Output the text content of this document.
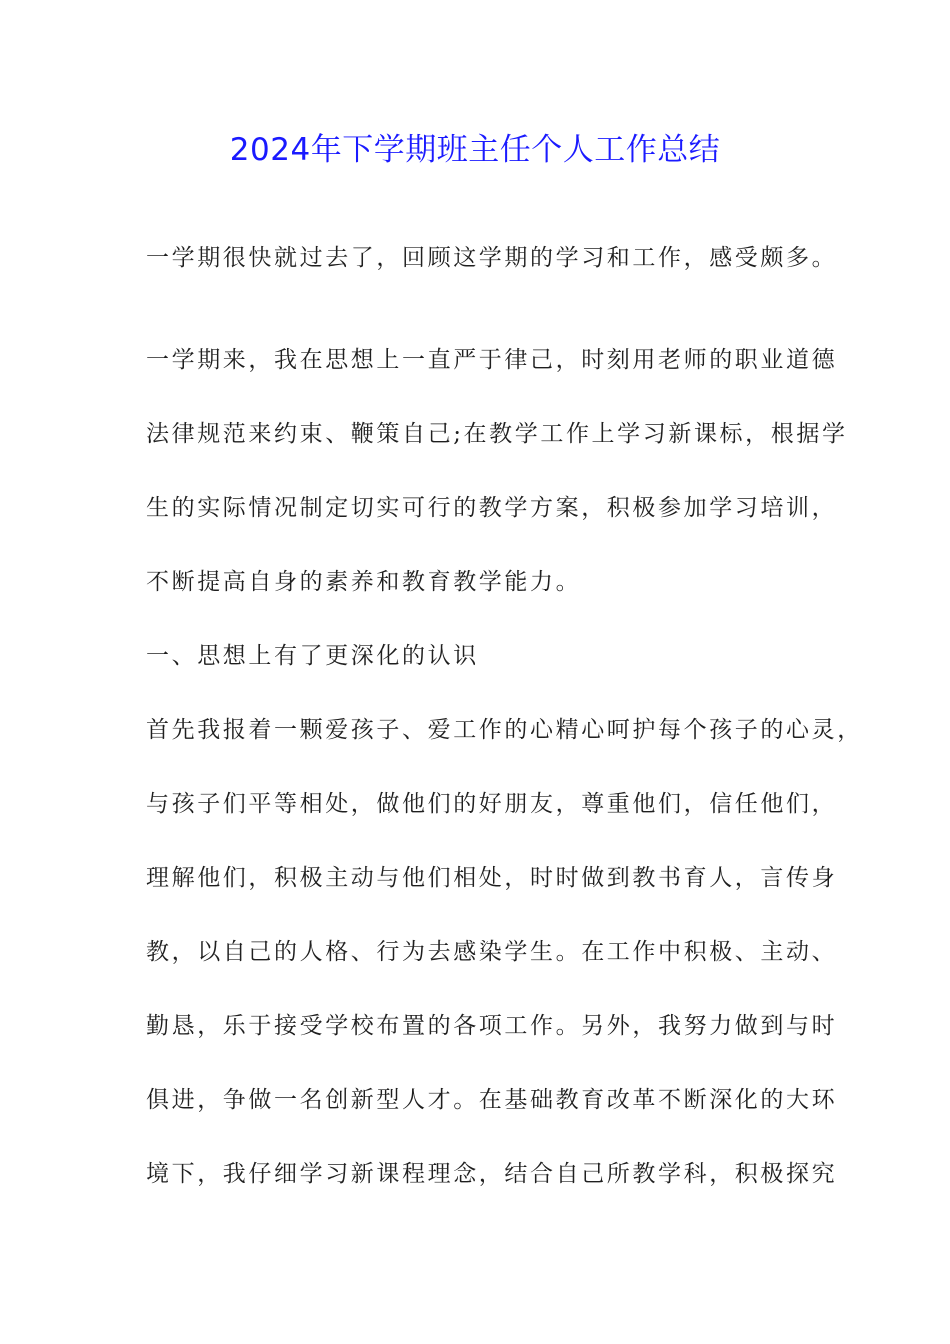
2024年下学期班主任个人工作总结
一学期很快就过去了，回顾这学期的学习和工作，感受颇多。
一学期来，我在思想上一直严于律己，时刻用老师的职业道德
法律规范来约束、鞭策自己;在教学工作上学习新课标，根据学
生的实际情况制定切实可行的教学方案，积极参加学习培训，
不断提高自身的素养和教育教学能力。
一、思想上有了更深化的认识
首先我报着一颗爱孩子、爱工作的心精心呵护每个孩子的心灵，
与孩子们平等相处，做他们的好朋友，尊重他们，信任他们，
理解他们，积极主动与他们相处，时时做到教书育人，言传身
教，以自己的人格、行为去感染学生。在工作中积极、主动、
勤恳，乐于接受学校布置的各项工作。另外，我努力做到与时
俱进，争做一名创新型人才。在基础教育改革不断深化的大环
境下，我仔细学习新课程理念，结合自己所教学科，积极探究
